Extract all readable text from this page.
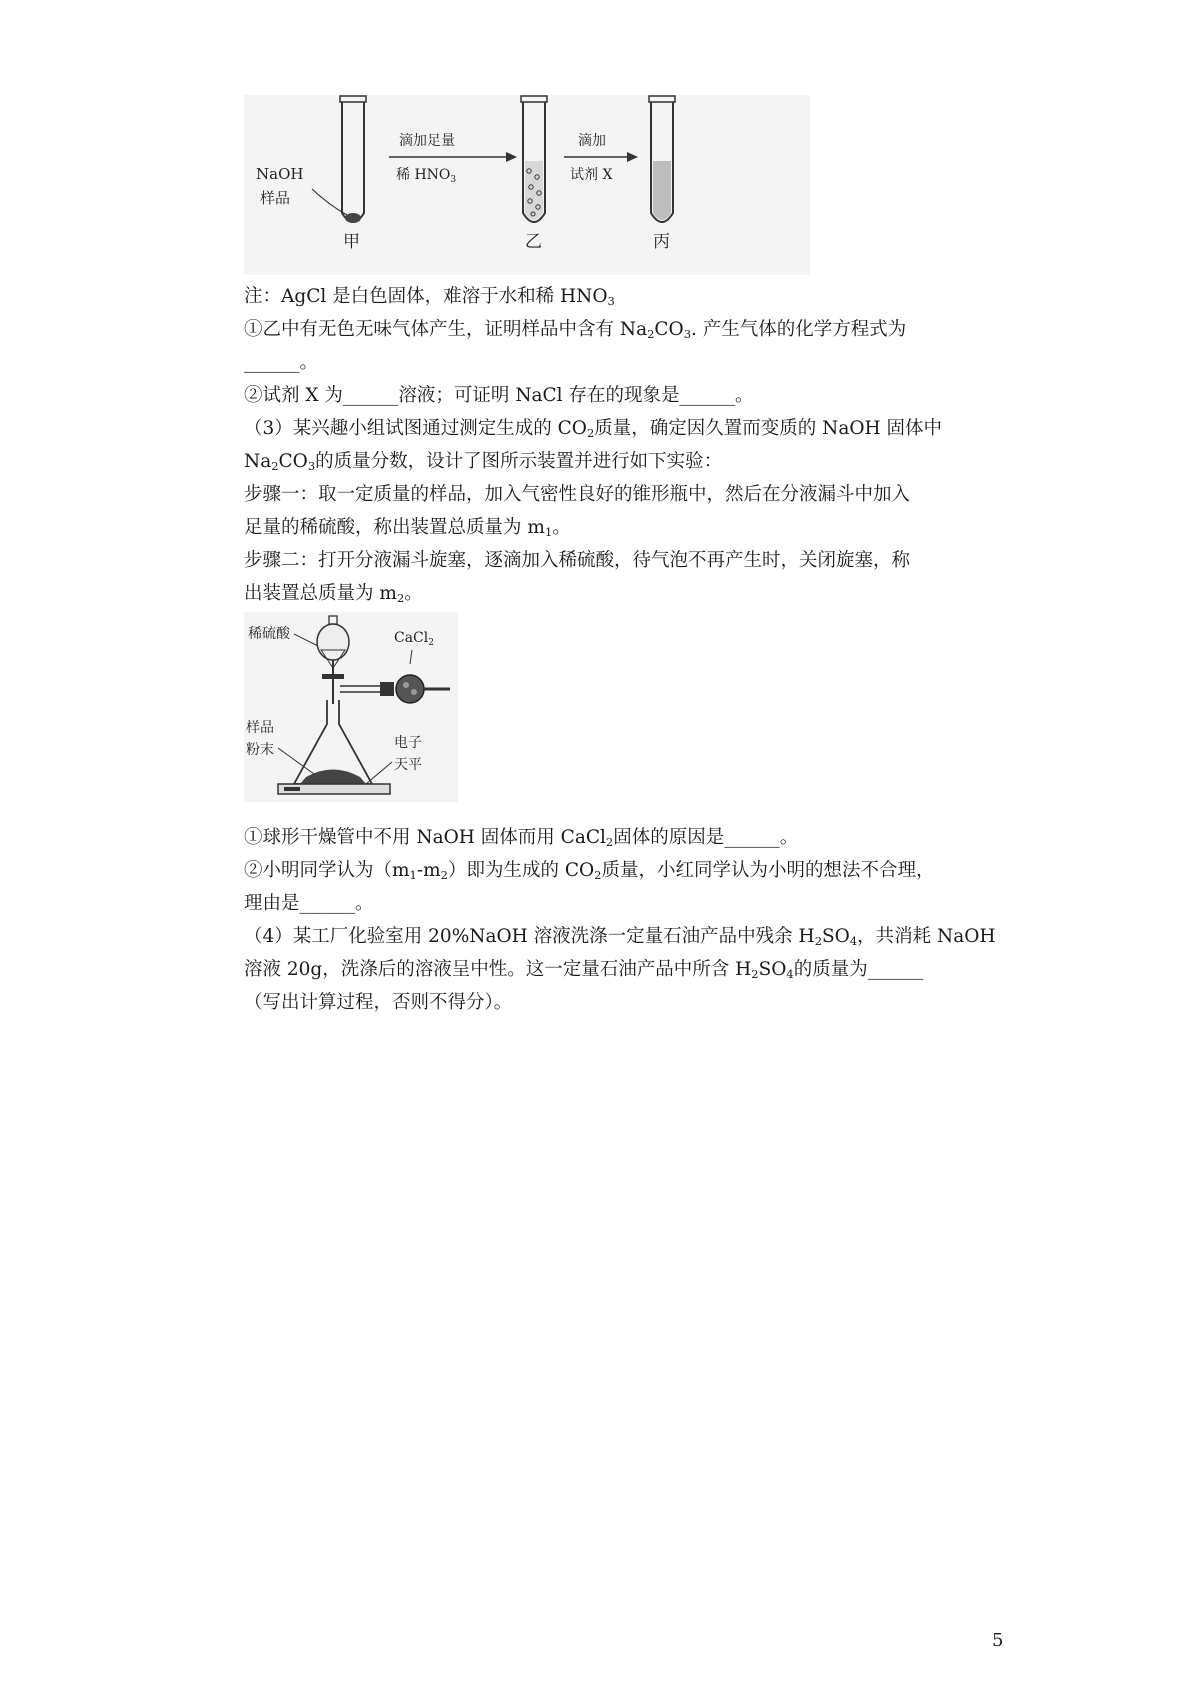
NaOH
样品
滴加足量
稀 $HNO_3$
滴加
试剂 X
甲	乙	丙
注：AgCl 是白色固体，难溶于水和稀 $HNO_3$
①乙中有无色无味气体产生，证明样品中含有 $Na_2CO_3$. 产生气体的化学方程式为
______。
②试剂 X 为______溶液；可证明 NaCl 存在的现象是______。
（3）某兴趣小组试图通过测定生成的 $CO_2$质量，确定因久置而变质的 NaOH 固体中
$Na_2CO_3$的质量分数，设计了图所示装置并进行如下实验：
步骤一：取一定质量的样品，加入气密性良好的锥形瓶中，然后在分液漏斗中加入
足量的稀硫酸，称出装置总质量为 $m_1$。
步骤二：打开分液漏斗旋塞，逐滴加入稀硫酸，待气泡不再产生时，关闭旋塞，称
出装置总质量为 $m_2$。
稀硫酸	CaCl$_2$
样品
粉末	电子
天平
①球形干燥管中不用 NaOH 固体而用 CaCl$_2$固体的原因是______。
②小明同学认为$(m_1-m_2)$即为生成的 $CO_2$质量，小红同学认为小明的想法不合理，
理由是______。
（4）某工厂化验室用 20%NaOH 溶液洗涤一定量石油产品中残余 $H_2SO_4$，共消耗 NaOH
溶液 20g，洗涤后的溶液呈中性。这一定量石油产品中所含 $H_2SO_4$的质量为______
（写出计算过程，否则不得分）。
5
